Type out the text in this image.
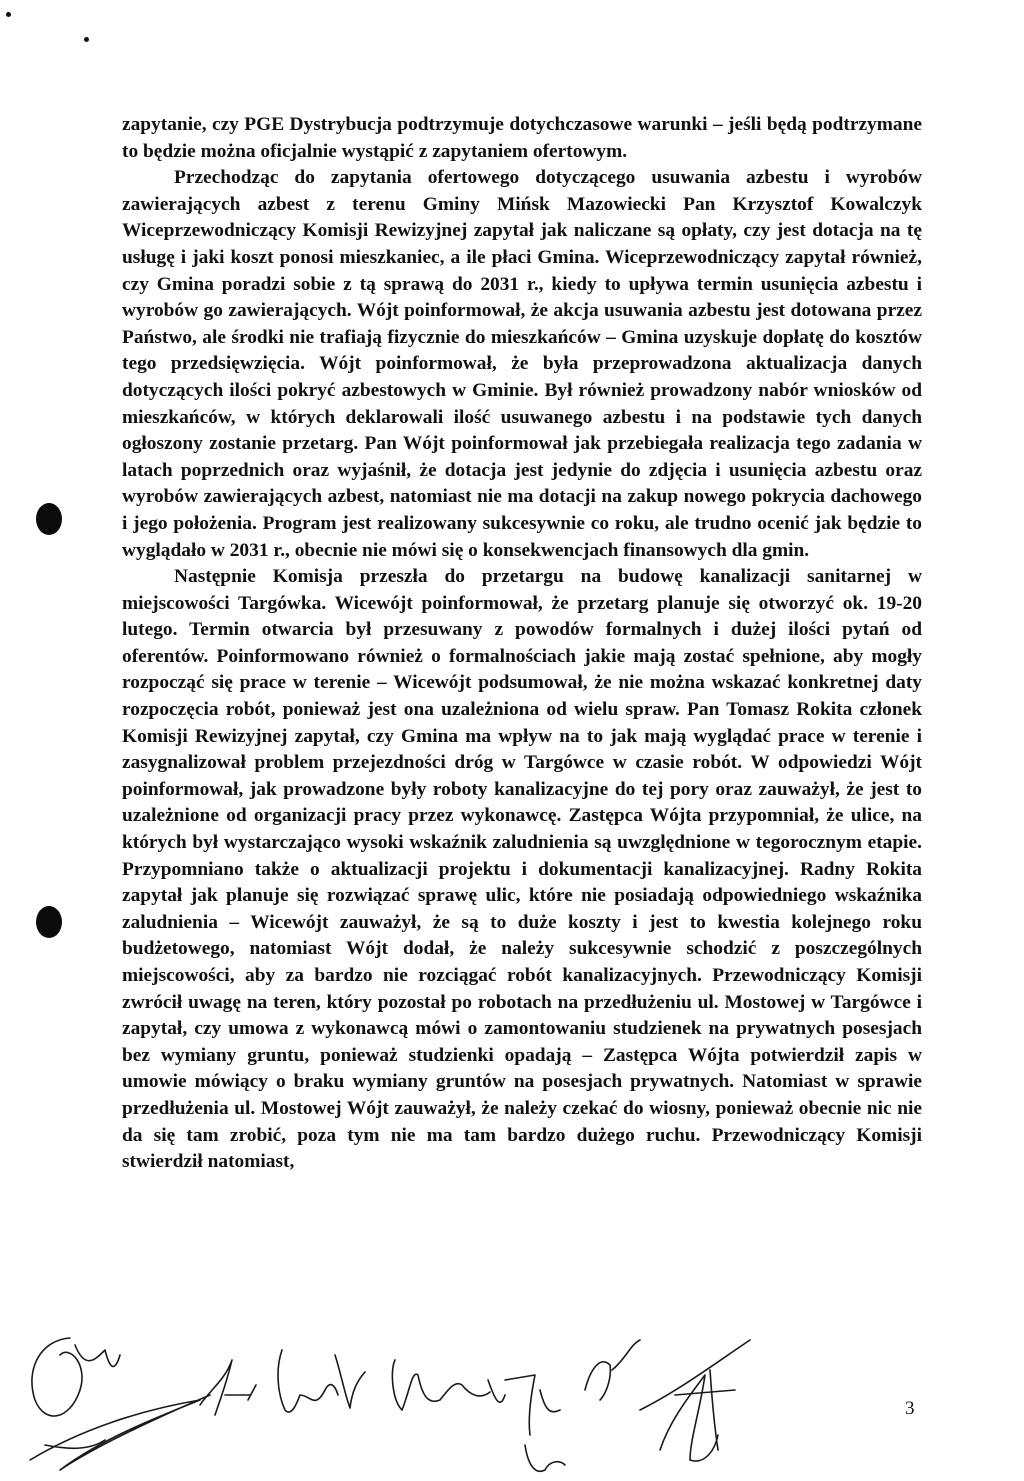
zapytanie, czy PGE Dystrybucja podtrzymuje dotychczasowe warunki – jeśli będą podtrzymane to będzie można oficjalnie wystąpić z zapytaniem ofertowym.

Przechodząc do zapytania ofertowego dotyczącego usuwania azbestu i wyrobów zawierających azbest z terenu Gminy Mińsk Mazowiecki Pan Krzysztof Kowalczyk Wiceprzewodniczący Komisji Rewizyjnej zapytał jak naliczane są opłaty, czy jest dotacja na tę usługę i jaki koszt ponosi mieszkaniec, a ile płaci Gmina. Wiceprzewodniczący zapytał również, czy Gmina poradzi sobie z tą sprawą do 2031 r., kiedy to upływa termin usunięcia azbestu i wyrobów go zawierających. Wójt poinformował, że akcja usuwania azbestu jest dotowana przez Państwo, ale środki nie trafiają fizycznie do mieszkańców – Gmina uzyskuje dopłatę do kosztów tego przedsięwzięcia. Wójt poinformował, że była przeprowadzona aktualizacja danych dotyczących ilości pokryć azbestowych w Gminie. Był również prowadzony nabór wniosków od mieszkańców, w których deklarowali ilość usuwanego azbestu i na podstawie tych danych ogłoszony zostanie przetarg. Pan Wójt poinformował jak przebiegała realizacja tego zadania w latach poprzednich oraz wyjaśnił, że dotacja jest jedynie do zdjęcia i usunięcia azbestu oraz wyrobów zawierających azbest, natomiast nie ma dotacji na zakup nowego pokrycia dachowego i jego położenia. Program jest realizowany sukcesywnie co roku, ale trudno ocenić jak będzie to wyglądało w 2031 r., obecnie nie mówi się o konsekwencjach finansowych dla gmin.

Następnie Komisja przeszła do przetargu na budowę kanalizacji sanitarnej w miejscowości Targówka. Wicewójt poinformował, że przetarg planuje się otworzyć ok. 19-20 lutego. Termin otwarcia był przesuwany z powodów formalnych i dużej ilości pytań od oferentów. Poinformowano również o formalnościach jakie mają zostać spełnione, aby mogły rozpocząć się prace w terenie – Wicewójt podsumował, że nie można wskazać konkretnej daty rozpoczęcia robót, ponieważ jest ona uzależniona od wielu spraw. Pan Tomasz Rokita członek Komisji Rewizyjnej zapytał, czy Gmina ma wpływ na to jak mają wyglądać prace w terenie i zasygnalizował problem przejezdności dróg w Targówce w czasie robót. W odpowiedzi Wójt poinformował, jak prowadzone były roboty kanalizacyjne do tej pory oraz zauważył, że jest to uzależnione od organizacji pracy przez wykonawcę. Zastępca Wójta przypomniał, że ulice, na których był wystarczająco wysoki wskaźnik zaludnienia są uwzględnione w tegorocznym etapie. Przypomniano także o aktualizacji projektu i dokumentacji kanalizacyjnej. Radny Rokita zapytał jak planuje się rozwiązać sprawę ulic, które nie posiadają odpowiedniego wskaźnika zaludnienia – Wicewójt zauważył, że są to duże koszty i jest to kwestia kolejnego roku budżetowego, natomiast Wójt dodał, że należy sukcesywnie schodzić z poszczególnych miejscowości, aby za bardzo nie rozciągać robót kanalizacyjnych. Przewodniczący Komisji zwrócił uwagę na teren, który pozostał po robotach na przedłużeniu ul. Mostowej w Targówce i zapytał, czy umowa z wykonawcą mówi o zamontowaniu studzienek na prywatnych posesjach bez wymiany gruntu, ponieważ studzienki opadają – Zastępca Wójta potwierdził zapis w umowie mówiący o braku wymiany gruntów na posesjach prywatnych. Natomiast w sprawie przedłużenia ul. Mostowej Wójt zauważył, że należy czekać do wiosny, ponieważ obecnie nic nie da się tam zrobić, poza tym nie ma tam bardzo dużego ruchu. Przewodniczący Komisji stwierdził natomiast,

3
